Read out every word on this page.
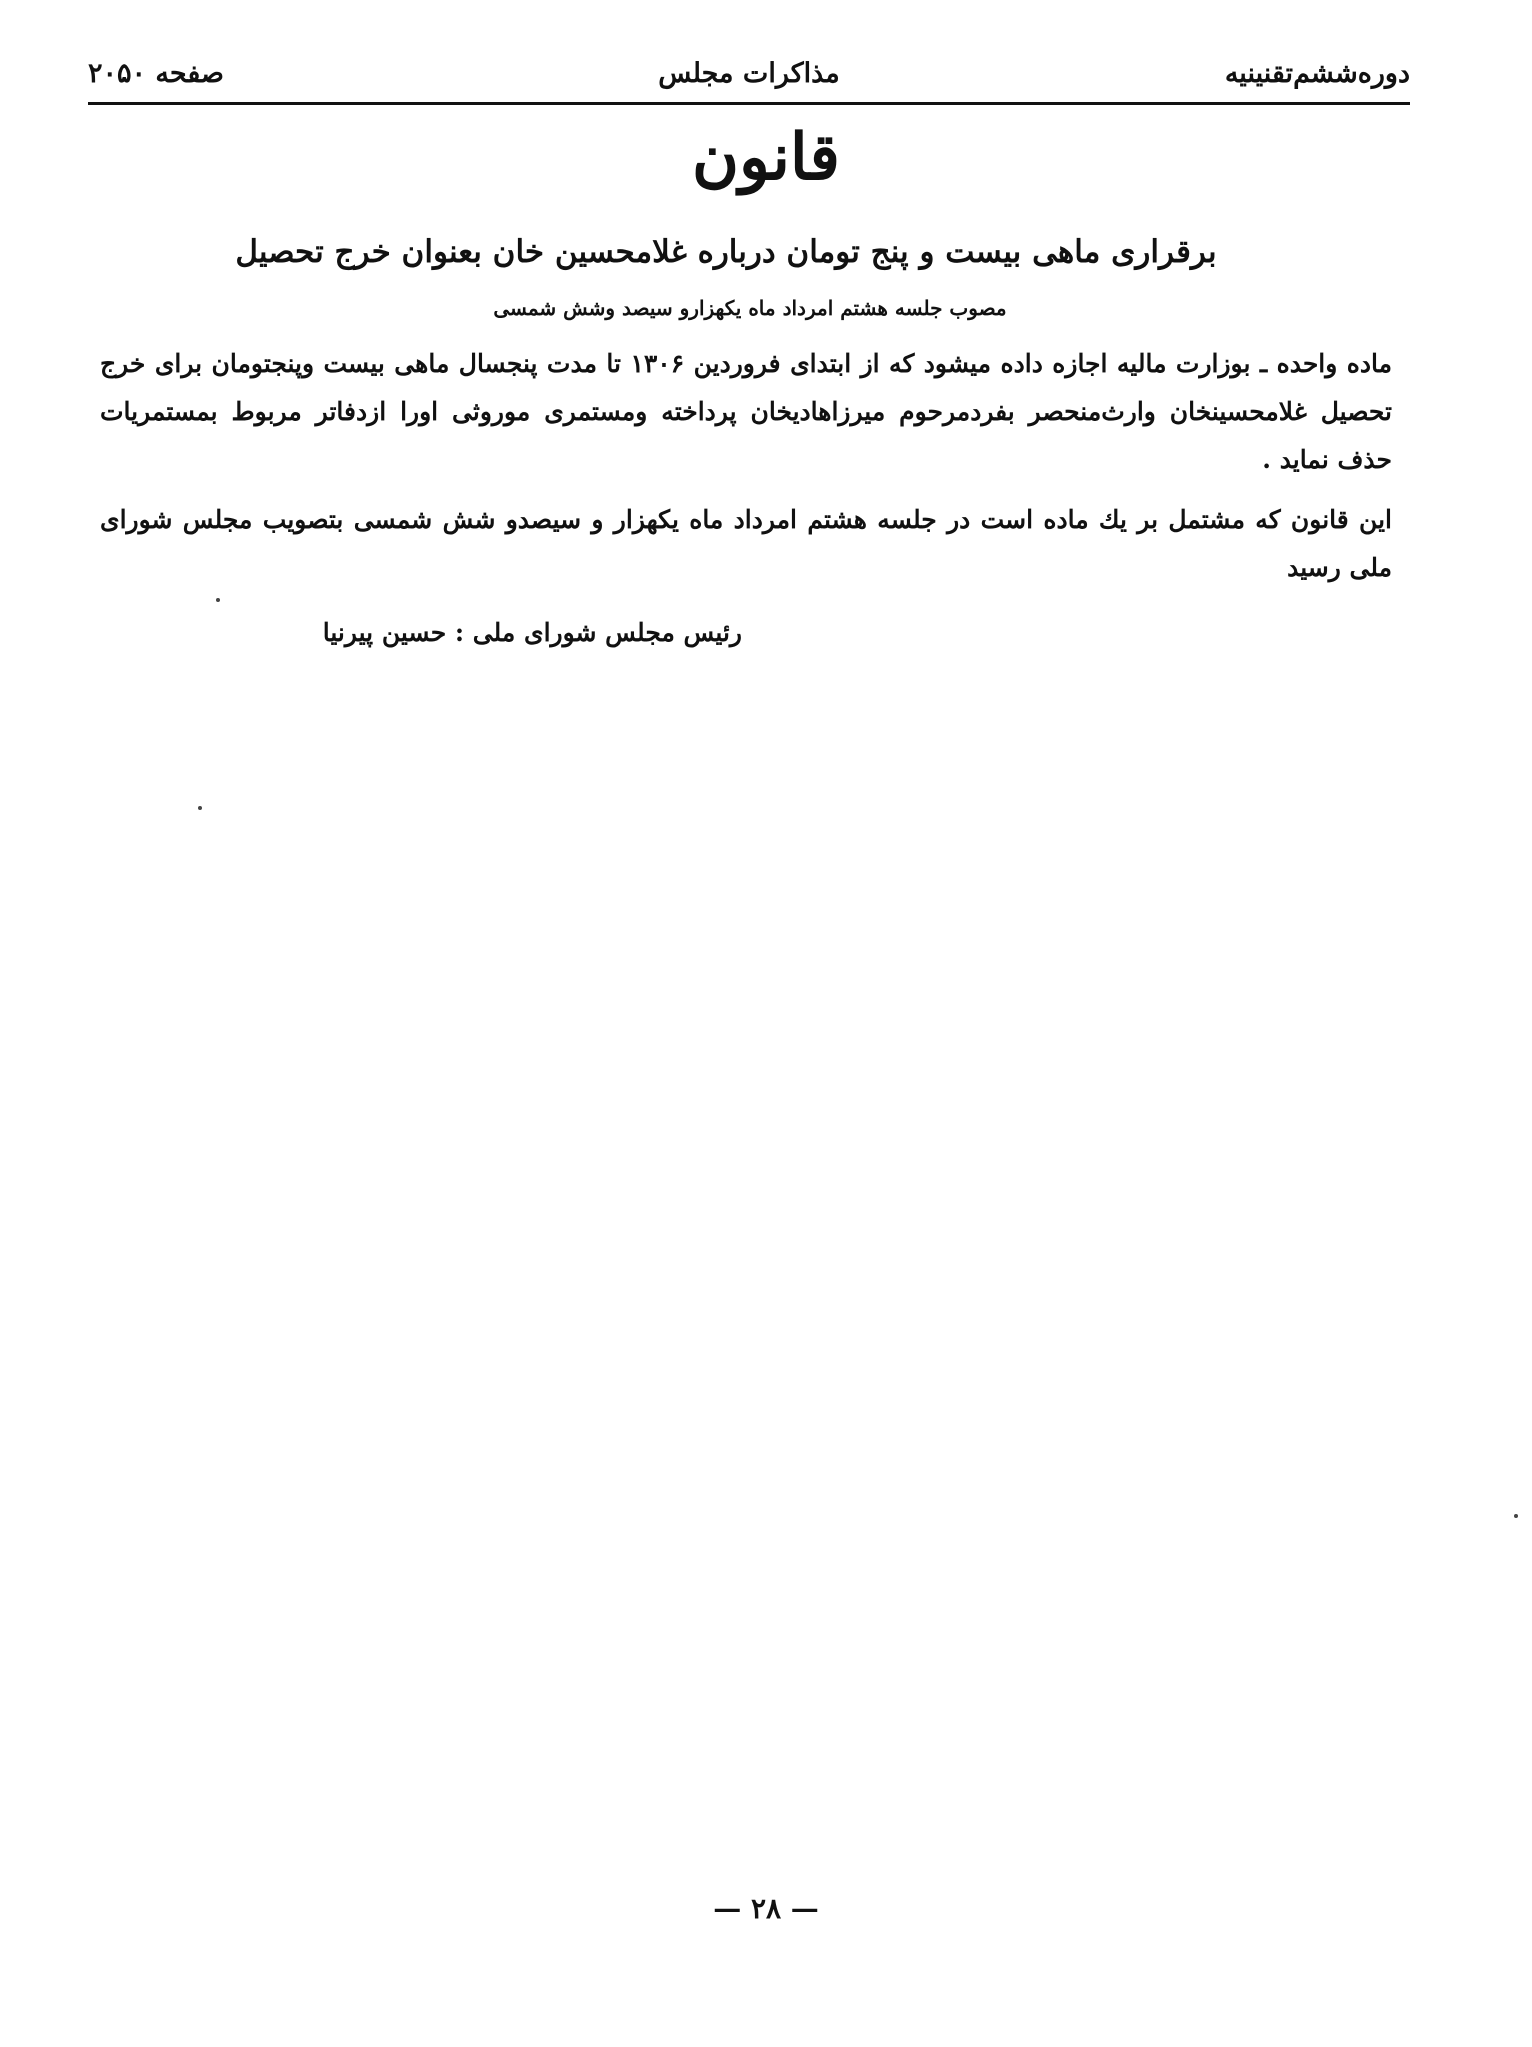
دوره‌ششم‌تقنینیه
مذاکرات مجلس
صفحه ۲۰۵۰
قانون
برقراری ماهی بیست و پنج تومان درباره غلامحسین خان بعنوان خرج تحصیل
مصوب جلسه هشتم امرداد ماه یکهزارو سیصد وشش شمسی
ماده واحده ـ بوزارت مالیه اجازه داده میشود که از ابتدای فروردین ۱۳۰۶ تا مدت پنجسال ماهی بیست وپنجتومان برای خرج تحصیل غلامحسینخان وارث‌منحصر بفردمرحوم میرزاهادیخان پرداخته ومستمری موروثی اورا ازدفاتر مربوط بمستمریات حذف نماید .
این قانون که مشتمل بر یك ماده است در جلسه هشتم امرداد ماه یکهزار و سیصدو شش شمسی بتصویب مجلس شورای ملی رسید
رئیس مجلس شورای ملی : حسین پیرنیا
— ۲۸ —
